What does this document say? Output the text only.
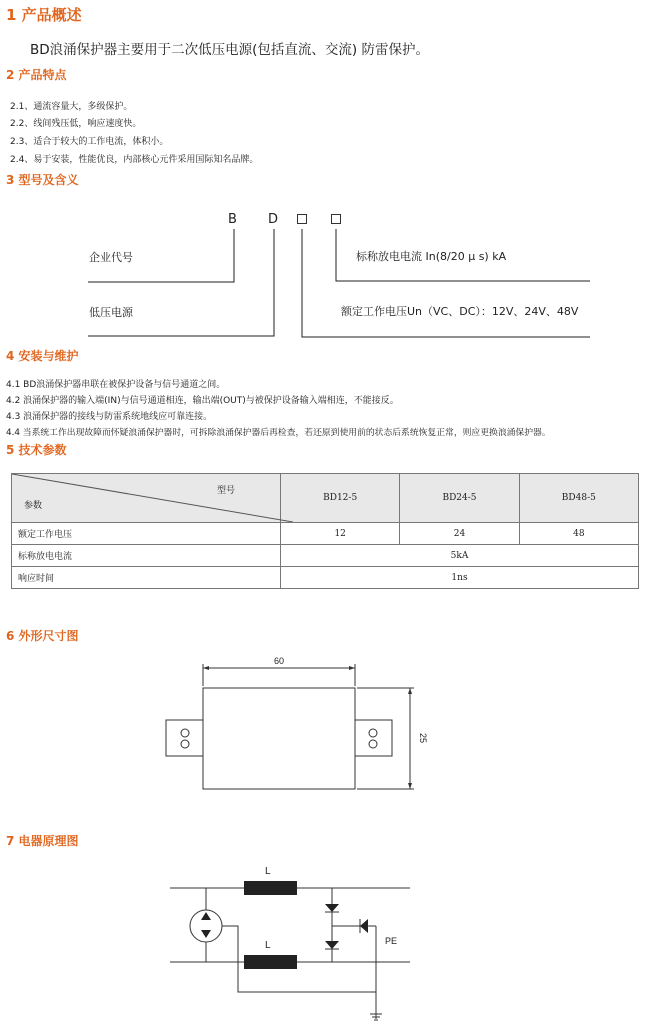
1 产品概述
BD浪涌保护器主要用于二次低压电源(包括直流、交流) 防雷保护。
2 产品特点
2.1、通流容量大，多级保护。
2.2、线间残压低，响应速度快。
2.3、适合于较大的工作电流，体积小。
2.4、易于安装，性能优良，内部核心元件采用国际知名品牌。
3 型号及含义
B D
企业代号
低压电源
标称放电电流 In(8/20 μ s) kA
额定工作电压Un（VC、DC）：12V、24V、48V
4 安装与维护
4.1 BD浪涌保护器串联在被保护设备与信号通道之间。
4.2 浪涌保护器的输入端(IN)与信号通道相连，输出端(OUT)与被保护设备输入端相连，不能接反。
4.3 浪涌保护器的接线与防雷系统地线应可靠连接。
4.4 当系统工作出现故障而怀疑浪涌保护器时，可拆除浪涌保护器后再检查，若还原到使用前的状态后系统恢复正常，则应更换浪涌保护器。
5 技术参数
型号
参数	BD12-5	BD24-5	BD48-5
额定工作电压	12	24	48
标称放电电流	5kA		
响应时间	1ns		
6 外形尺寸图
60
25
7 电器原理图
L
L	PE
